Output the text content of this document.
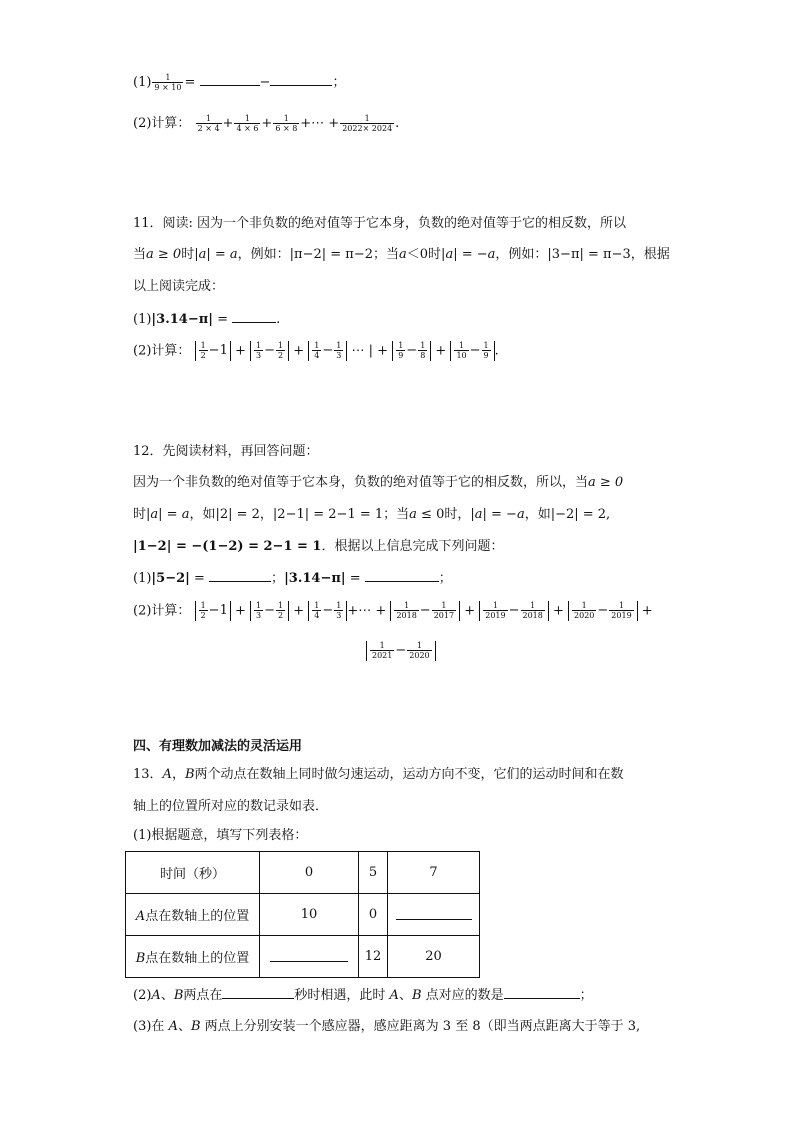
$(1) \frac{1}{9 \times 10}$ =	−	；
(2)计算： $\frac{1}{2 \times 4} + \frac{1}{4 \times 6} + \frac{1}{6 \times 8}$ +⋯ + $\frac{1}{2022\times 2024}$ .
11．阅读: 因为一个非负数的绝对值等于它本身，负数的绝对值等于它的相反数，所以
当a ≥ 0时|a| = a，例如：|π−2| = π−2；当a＜0时|a| = −a，例如：|3−π| = π−3，根据
以上阅读完成：
(1)|3.14−π| =	.
(2)计算： $\frac{1}{2} -1 + \frac{1}{3} - \frac{1}{2} + \frac{1}{4} - \frac{1}{3}$ ⋯ | + $\frac{1}{9} - \frac{1}{8} + \frac{1}{10} - \frac{1}{9}$ .
12．先阅读材料，再回答问题：
因为一个非负数的绝对值等于它本身，负数的绝对值等于它的相反数，所以，当a ≥ 0
时|a| = a，如|2| = 2，|2−1| = 2−1 = 1；当a ≤ 0时，|a| = −a，如|−2| = 2,
|1−2| = −(1−2) = 2−1 = 1．根据以上信息完成下列问题：
(1)|5−2| =	；|3.14−π| =	；
(2)计算： $\frac{1}{2} -1 + \frac{1}{3} - \frac{1}{2} + \frac{1}{4} - \frac{1}{3}$ +⋯ + $\frac{1}{2018} - \frac{1}{2017} + \frac{1}{2019} - \frac{1}{2018} + \frac{1}{2020} - \frac{1}{2019}$ +
$\frac{1}{2021} - \frac{1}{2020}$
四、有理数加减法的灵活运用
13．A，B两个动点在数轴上同时做匀速运动，运动方向不变，它们的运动时间和在数
轴上的位置所对应的数记录如表．
(1)根据题意，填写下列表格：
时间（秒）	0	5	7
A点在数轴上的位置	10	0	
B点在数轴上的位置		12	20
(2)A、B两点在	秒时相遇，此时 A、B 点对应的数是	；
(3)在 A、B 两点上分别安装一个感应器，感应距离为 3 至 8（即当两点距离大于等于 3,
